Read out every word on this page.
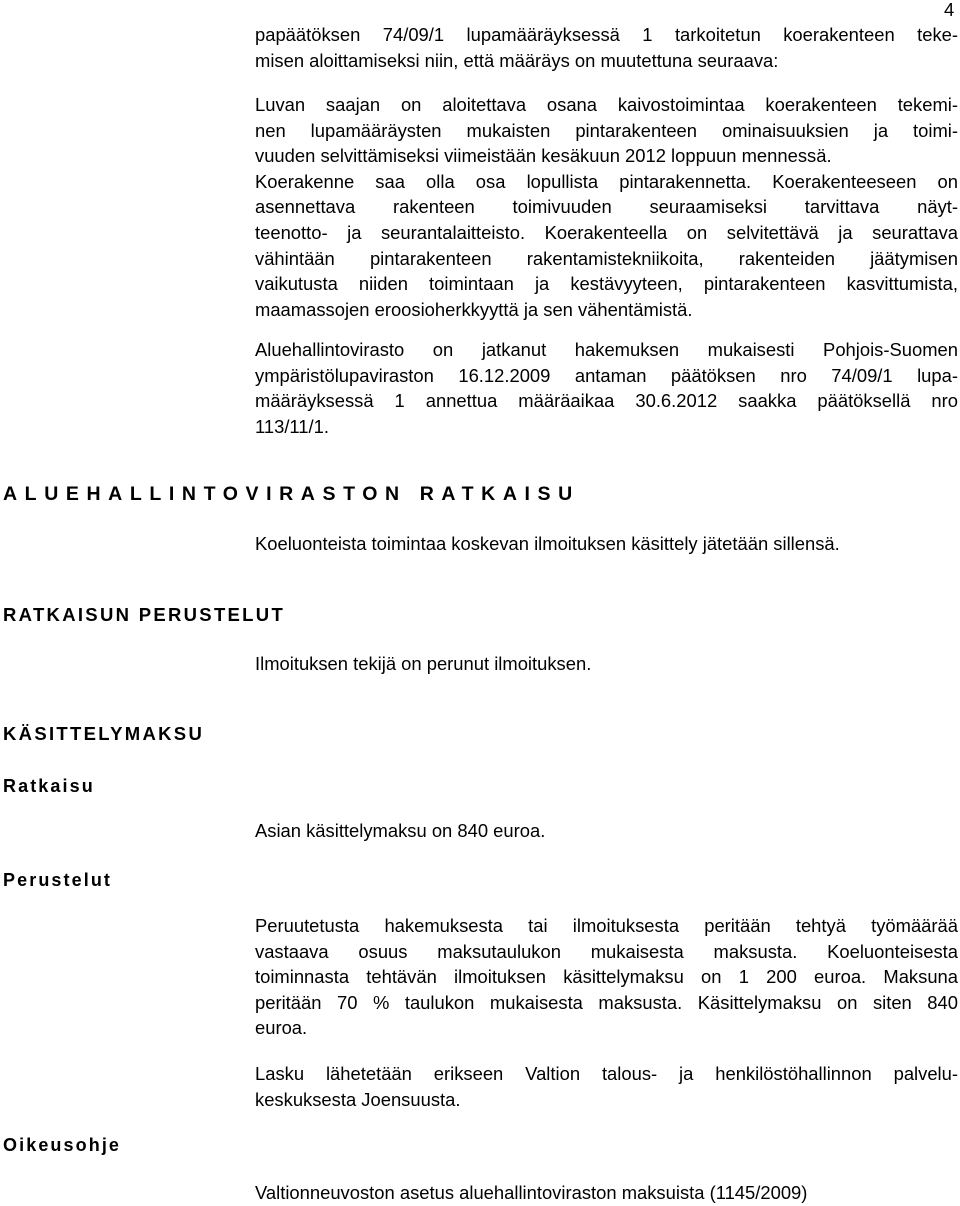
4
papäätöksen 74/09/1 lupamääräyksessä 1 tarkoitetun koerakenteen teke-
misen aloittamiseksi niin, että määräys on muutettuna seuraava:
Luvan saajan on aloitettava osana kaivostoimintaa koerakenteen tekemi-
nen lupamääräysten mukaisten pintarakenteen ominaisuuksien ja toimi-
vuuden selvittämiseksi viimeistään kesäkuun 2012 loppuun mennessä.
Koerakenne saa olla osa lopullista pintarakennetta. Koerakenteeseen on
asennettava rakenteen toimivuuden seuraamiseksi tarvittava näyt-
teenotto- ja seurantalaitteisto. Koerakenteella on selvitettävä ja seurattava
vähintään pintarakenteen rakentamistekniikoita, rakenteiden jäätymisen
vaikutusta niiden toimintaan ja kestävyyteen, pintarakenteen kasvittumista,
maamassojen eroosioherkkyyttä ja sen vähentämistä.
Aluehallintovirasto on jatkanut hakemuksen mukaisesti Pohjois-Suomen
ympäristölupaviraston 16.12.2009 antaman päätöksen nro 74/09/1 lupa-
määräyksessä 1 annettua määräaikaa 30.6.2012 saakka päätöksellä nro
113/11/1.
ALUEHALLINTOVIRASTON RATKAISU
Koeluonteista toimintaa koskevan ilmoituksen käsittely jätetään sillensä.
RATKAISUN PERUSTELUT
Ilmoituksen tekijä on perunut ilmoituksen.
KÄSITTELYMAKSU
Ratkaisu
Asian käsittelymaksu on 840 euroa.
Perustelut
Peruutetusta hakemuksesta tai ilmoituksesta peritään tehtyä työmäärää
vastaava osuus maksutaulukon mukaisesta maksusta. Koeluonteisesta
toiminnasta tehtävän ilmoituksen käsittelymaksu on 1 200 euroa. Maksuna
peritään 70 % taulukon mukaisesta maksusta. Käsittelymaksu on siten 840
euroa.
Lasku lähetetään erikseen Valtion talous- ja henkilöstöhallinnon palvelu-
keskuksesta Joensuusta.
Oikeusohje
Valtionneuvoston asetus aluehallintoviraston maksuista (1145/2009)
